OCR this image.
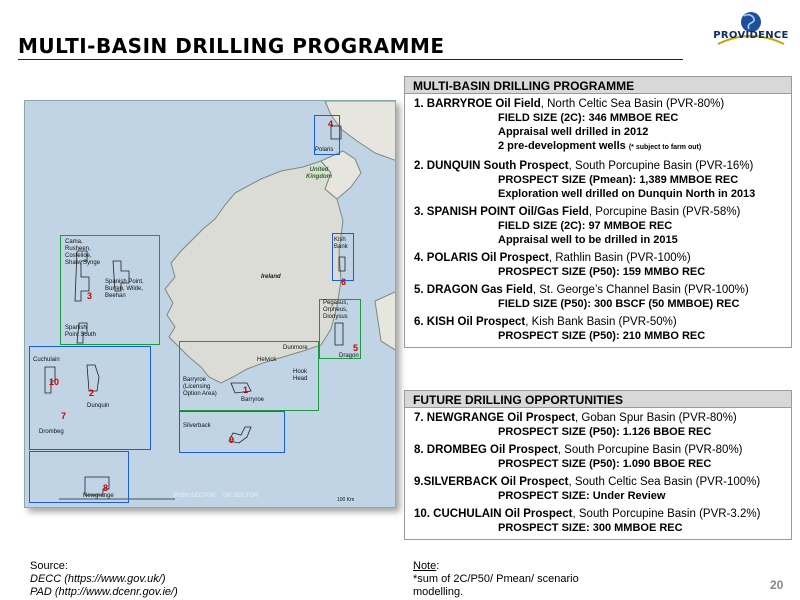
MULTI-BASIN DRILLING PROGRAMME	PROVIDENCE
United Kingdom
Ireland
Polaris
Kish Bank
Pegasus, Orpheus, Dionysus
Dragon
Dunmore
Helvick
Hook Head
Barryroe (Licensing Option Area)
Barryroe
Silverback
Cama, Rusheen, Costelloe, Shaw, Synge
Spanish Point, Burren, Wilde, Beehan
Spanish Point South
Cuchulain
Dunquin
Drombeg
Newgrange	IRISH SECTOR UK SECTOR
100 Km
1
2
3
4
5
6
7
8
9
10
MULTI-BASIN DRILLING PROGRAMME
1. BARRYROE Oil Field, North Celtic Sea Basin (PVR-80%)
FIELD SIZE (2C): 346 MMBOE REC
Appraisal well drilled in 2012
2 pre-development wells (* subject to farm out)
2. DUNQUIN South Prospect, South Porcupine Basin (PVR-16%)
PROSPECT SIZE (Pmean): 1,389 MMBOE REC
Exploration well drilled on Dunquin North in 2013
3. SPANISH POINT Oil/Gas Field, Porcupine Basin (PVR-58%)
FIELD SIZE (2C): 97 MMBOE REC
Appraisal well to be drilled in 2015
4. POLARIS Oil Prospect, Rathlin Basin (PVR-100%)
PROSPECT SIZE (P50): 159 MMBO REC
5. DRAGON Gas Field, St. George’s Channel Basin (PVR-100%)
FIELD SIZE (P50): 300 BSCF (50 MMBOE) REC
6. KISH Oil Prospect, Kish Bank Basin (PVR-50%)
PROSPECT SIZE (P50): 210 MMBO REC
FUTURE DRILLING OPPORTUNITIES
7. NEWGRANGE Oil Prospect, Goban Spur Basin (PVR-80%)
PROSPECT SIZE (P50): 1.126 BBOE REC
8. DROMBEG Oil Prospect, South Porcupine Basin (PVR-80%)
PROSPECT SIZE (P50): 1.090 BBOE REC
9.SILVERBACK Oil Prospect, South Celtic Sea Basin (PVR-100%)
PROSPECT SIZE: Under Review
10. CUCHULAIN Oil Prospect, South Porcupine Basin (PVR-3.2%)
PROSPECT SIZE: 300 MMBOE REC
Source:
DECC (https://www.gov.uk/)
PAD (http://www.dcenr.gov.ie/)
Note:
*sum of 2C/P50/ Pmean/ scenario
modelling.	20
